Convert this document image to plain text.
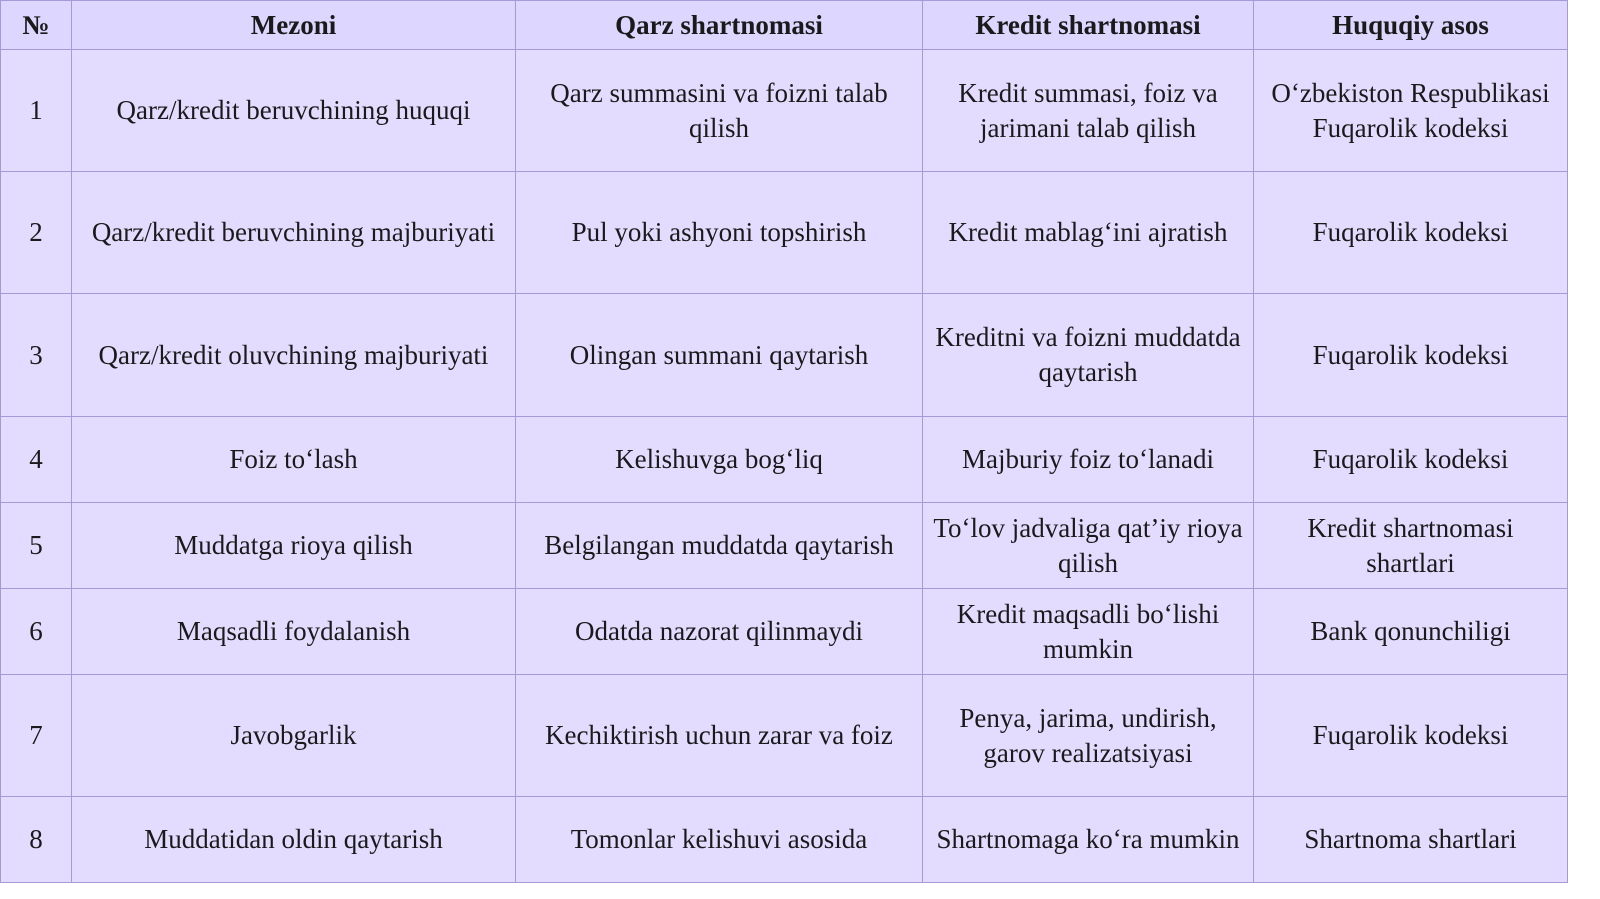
№	Mezoni	Qarz shartnomasi	Kredit shartnomasi	Huquqiy asos
1	Qarz/kredit beruvchining huquqi	Qarz summasini va foizni talab qilish	Kredit summasi, foiz va jarimani talab qilish	O‘zbekiston Respublikasi Fuqarolik kodeksi
2	Qarz/kredit beruvchining majburiyati	Pul yoki ashyoni topshirish	Kredit mablag‘ini ajratish	Fuqarolik kodeksi
3	Qarz/kredit oluvchining majburiyati	Olingan summani qaytarish	Kreditni va foizni muddatda qaytarish	Fuqarolik kodeksi
4	Foiz to‘lash	Kelishuvga bog‘liq	Majburiy foiz to‘lanadi	Fuqarolik kodeksi
5	Muddatga rioya qilish	Belgilangan muddatda qaytarish	To‘lov jadvaliga qat’iy rioya qilish	Kredit shartnomasi shartlari
6	Maqsadli foydalanish	Odatda nazorat qilinmaydi	Kredit maqsadli bo‘lishi mumkin	Bank qonunchiligi
7	Javobgarlik	Kechiktirish uchun zarar va foiz	Penya, jarima, undirish, garov realizatsiyasi	Fuqarolik kodeksi
8	Muddatidan oldin qaytarish	Tomonlar kelishuvi asosida	Shartnomaga ko‘ra mumkin	Shartnoma shartlari
